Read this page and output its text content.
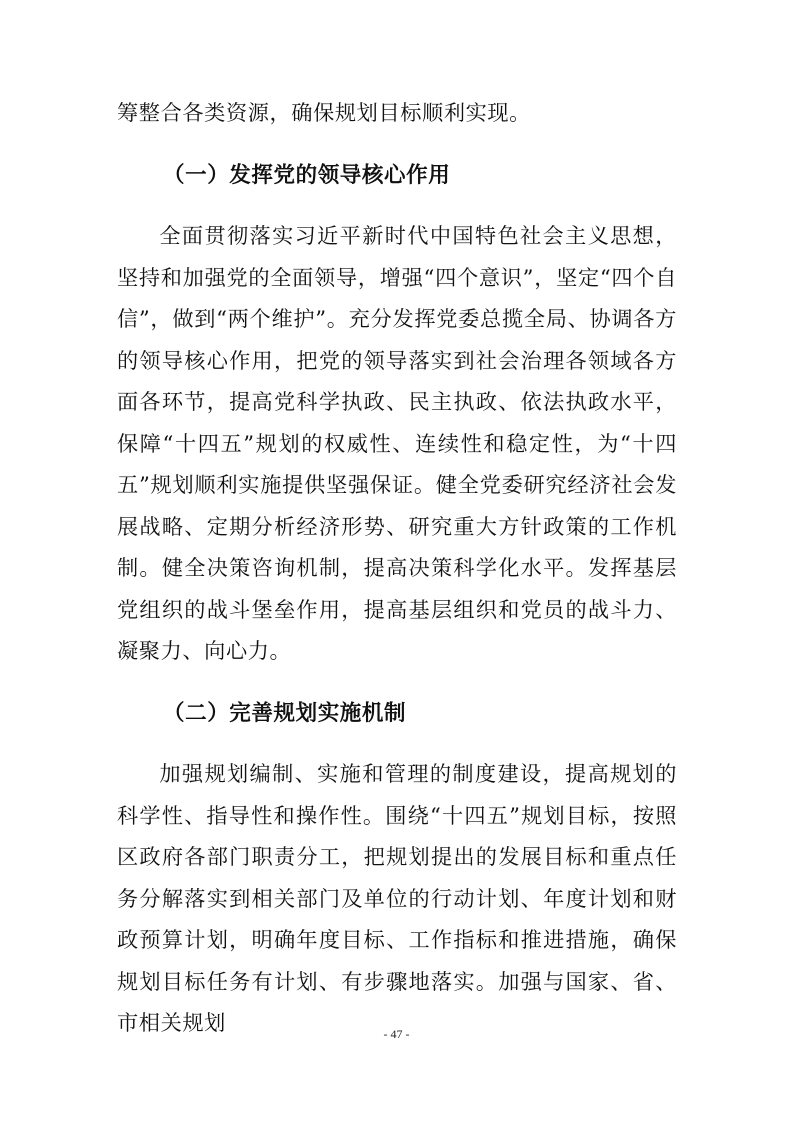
筹整合各类资源，确保规划目标顺利实现。

（一）发挥党的领导核心作用

全面贯彻落实习近平新时代中国特色社会主义思想，坚持和加强党的全面领导，增强“四个意识”，坚定“四个自信”，做到“两个维护”。充分发挥党委总揽全局、协调各方的领导核心作用，把党的领导落实到社会治理各领域各方面各环节，提高党科学执政、民主执政、依法执政水平，保障“十四五”规划的权威性、连续性和稳定性，为“十四五”规划顺利实施提供坚强保证。健全党委研究经济社会发展战略、定期分析经济形势、研究重大方针政策的工作机制。健全决策咨询机制，提高决策科学化水平。发挥基层党组织的战斗堡垒作用，提高基层组织和党员的战斗力、凝聚力、向心力。

（二）完善规划实施机制

加强规划编制、实施和管理的制度建设，提高规划的科学性、指导性和操作性。围绕“十四五”规划目标，按照区政府各部门职责分工，把规划提出的发展目标和重点任务分解落实到相关部门及单位的行动计划、年度计划和财政预算计划，明确年度目标、工作指标和推进措施，确保规划目标任务有计划、有步骤地落实。加强与国家、省、市相关规划	- 47 -
